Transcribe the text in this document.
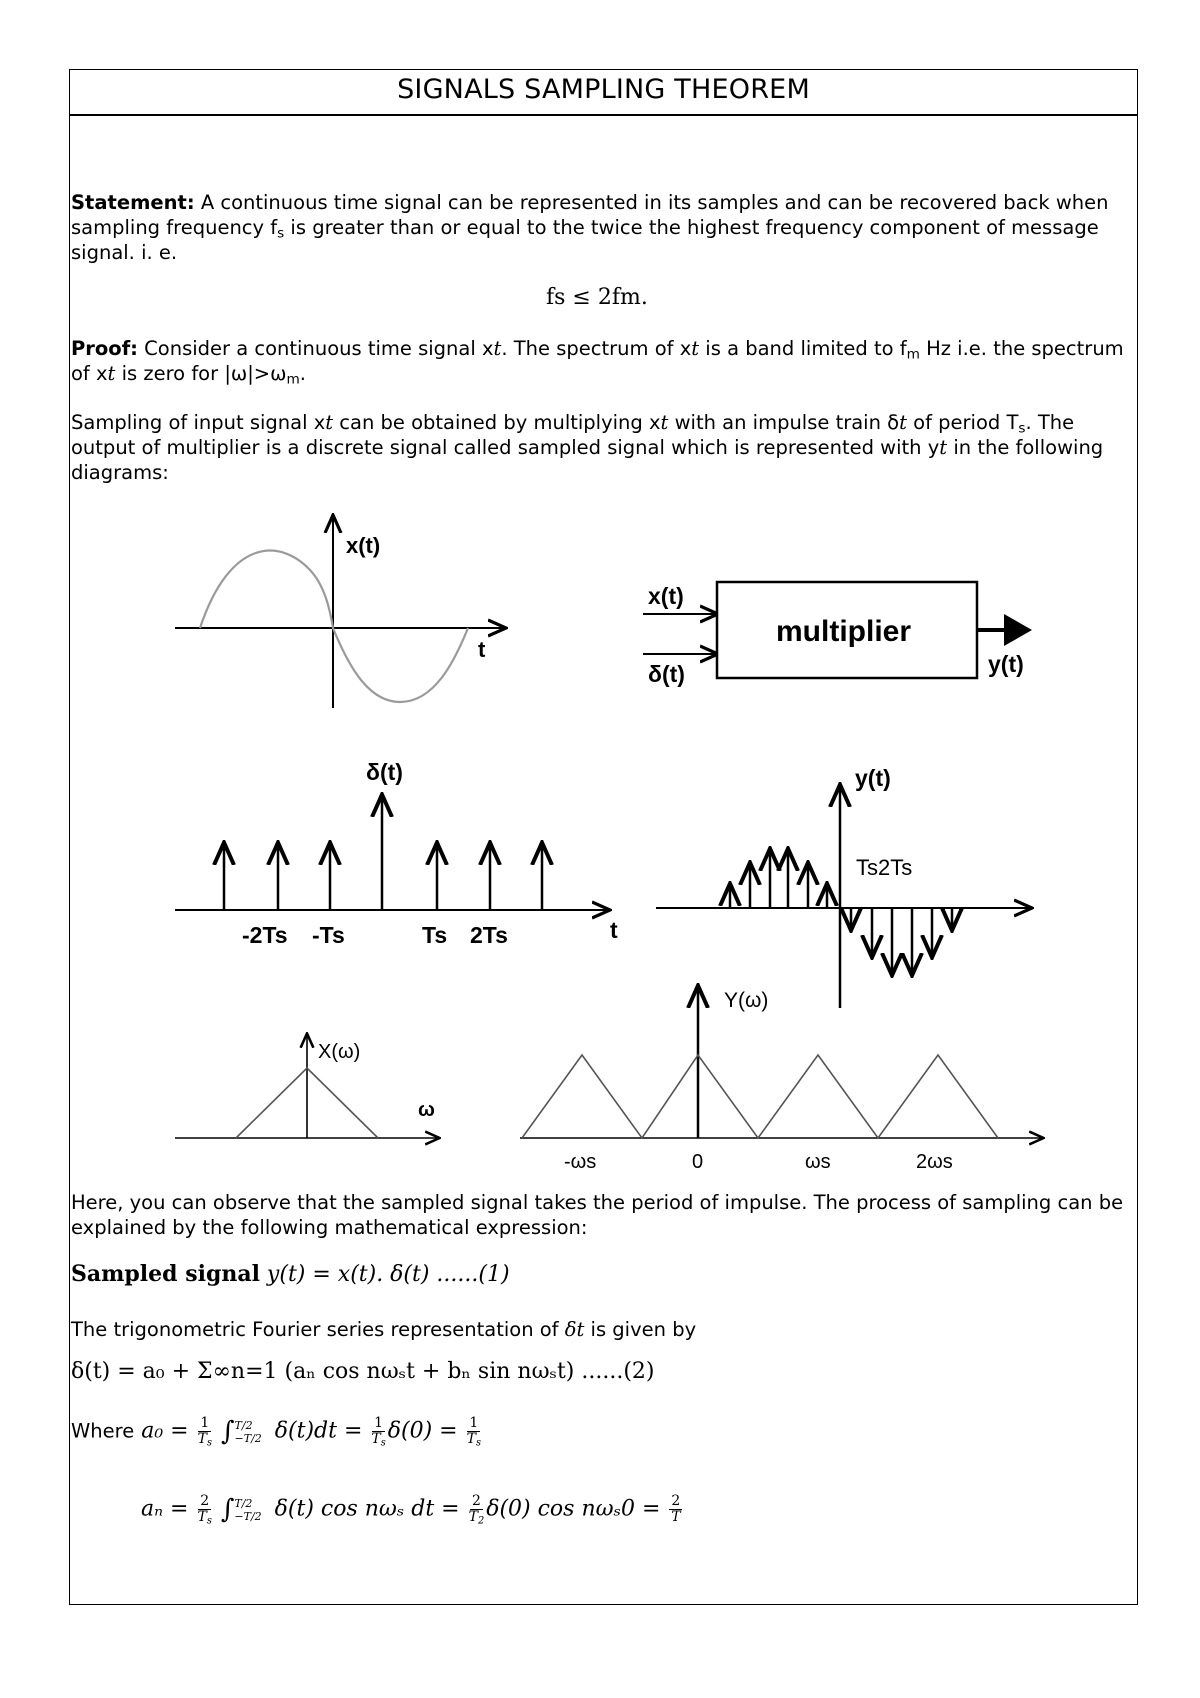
SIGNALS SAMPLING THEOREM
Statement: A continuous time signal can be represented in its samples and can be recovered back when sampling frequency $f_s$ is greater than or equal to the twice the highest frequency component of message signal. i. e.
fs ≤ 2fm.
Proof: Consider a continuous time signal xt. The spectrum of xt is a band limited to $f_m$ Hz i.e. the spectrum of xt is zero for $|\omega|>\omega_m$.
Sampling of input signal xt can be obtained by multiplying xt with an impulse train δt of period $T_s$. The output of multiplier is a discrete signal called sampled signal which is represented with yt in the following diagrams:
x(t)
t
x(t)
δ(t)
multiplier
y(t)
δ(t)
-2Ts -Ts	Ts 2Ts	t
y(t)
Ts2Ts
X(ω)
ω
Y(ω)
-ωs	0	ωs	2ωs
Here, you can observe that the sampled signal takes the period of impulse. The process of sampling can be explained by the following mathematical expression:
Sampled signal y(t) = x(t). δ(t) ......(1)
The trigonometric Fourier series representation of δt is given by
δ(t) = a₀ + Σ∞n=1 (aₙ cos nωₛt + bₙ sin nωₛt) ......(2)
Where $a_0 = \frac{1}{T_s}$ ∫ T/2
−T/2 $\delta(t)dt = \frac{1}{T_s} \delta(0) = \frac{1}{T_s}$
$a_n = \frac{2}{T_s}$ ∫ T/2
−T/2 δ(t) cos nωₛ dt = $\frac{2}{T_2} \delta(0)$ $\cos n\omega_s0 = \frac{2}{T}$
